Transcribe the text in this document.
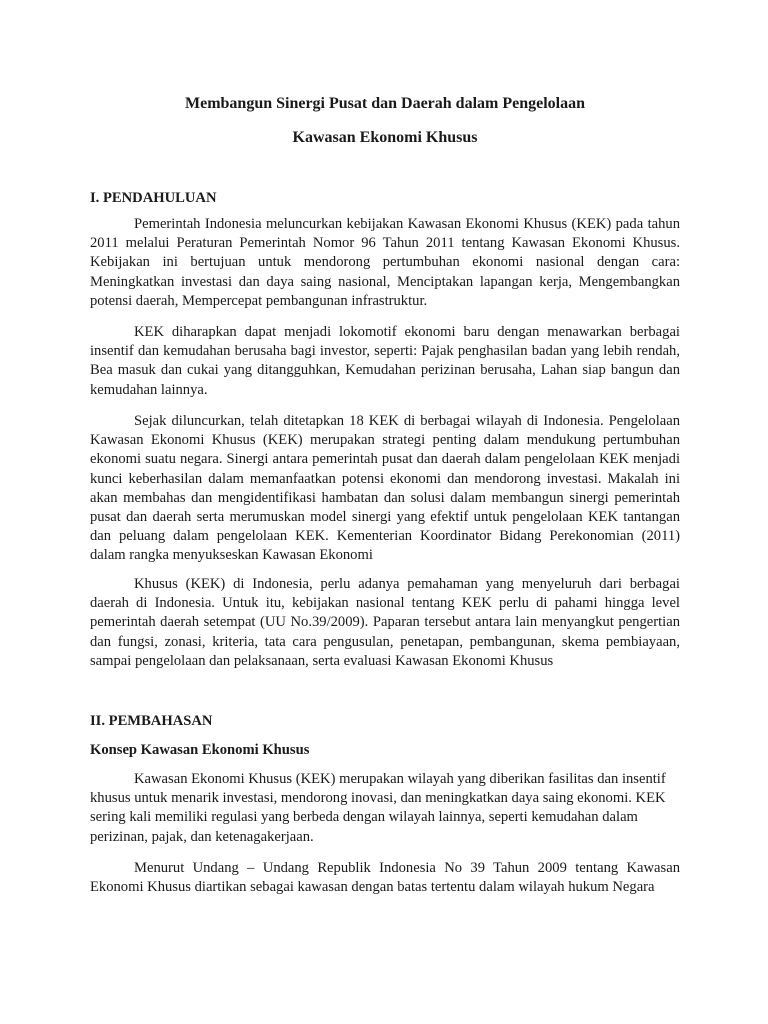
Membangun Sinergi Pusat dan Daerah dalam Pengelolaan
Kawasan Ekonomi Khusus
I. PENDAHULUAN

Pemerintah Indonesia meluncurkan kebijakan Kawasan Ekonomi Khusus (KEK) pada tahun 2011 melalui Peraturan Pemerintah Nomor 96 Tahun 2011 tentang Kawasan Ekonomi Khusus. Kebijakan ini bertujuan untuk mendorong pertumbuhan ekonomi nasional dengan cara: Meningkatkan investasi dan daya saing nasional, Menciptakan lapangan kerja, Mengembangkan potensi daerah, Mempercepat pembangunan infrastruktur.

KEK diharapkan dapat menjadi lokomotif ekonomi baru dengan menawarkan berbagai insentif dan kemudahan berusaha bagi investor, seperti: Pajak penghasilan badan yang lebih rendah, Bea masuk dan cukai yang ditangguhkan, Kemudahan perizinan berusaha, Lahan siap bangun dan kemudahan lainnya.

Sejak diluncurkan, telah ditetapkan 18 KEK di berbagai wilayah di Indonesia. Pengelolaan Kawasan Ekonomi Khusus (KEK) merupakan strategi penting dalam mendukung pertumbuhan ekonomi suatu negara. Sinergi antara pemerintah pusat dan daerah dalam pengelolaan KEK menjadi kunci keberhasilan dalam memanfaatkan potensi ekonomi dan mendorong investasi. Makalah ini akan membahas dan mengidentifikasi hambatan dan solusi dalam membangun sinergi pemerintah pusat dan daerah serta merumuskan model sinergi yang efektif untuk pengelolaan KEK tantangan dan peluang dalam pengelolaan KEK. Kementerian Koordinator Bidang Perekonomian (2011) dalam rangka menyukseskan Kawasan Ekonomi

Khusus (KEK) di Indonesia, perlu adanya pemahaman yang menyeluruh dari berbagai daerah di Indonesia. Untuk itu, kebijakan nasional tentang KEK perlu di pahami hingga level pemerintah daerah setempat (UU No.39/2009). Paparan tersebut antara lain menyangkut pengertian dan fungsi, zonasi, kriteria, tata cara pengusulan, penetapan, pembangunan, skema pembiayaan, sampai pengelolaan dan pelaksanaan, serta evaluasi Kawasan Ekonomi Khusus

II. PEMBAHASAN
Konsep Kawasan Ekonomi Khusus

Kawasan Ekonomi Khusus (KEK) merupakan wilayah yang diberikan fasilitas dan insentif khusus untuk menarik investasi, mendorong inovasi, dan meningkatkan daya saing ekonomi. KEK sering kali memiliki regulasi yang berbeda dengan wilayah lainnya, seperti kemudahan dalam perizinan, pajak, dan ketenagakerjaan.

Menurut Undang – Undang Republik Indonesia No 39 Tahun 2009 tentang Kawasan Ekonomi Khusus diartikan sebagai kawasan dengan batas tertentu dalam wilayah hukum Negara
